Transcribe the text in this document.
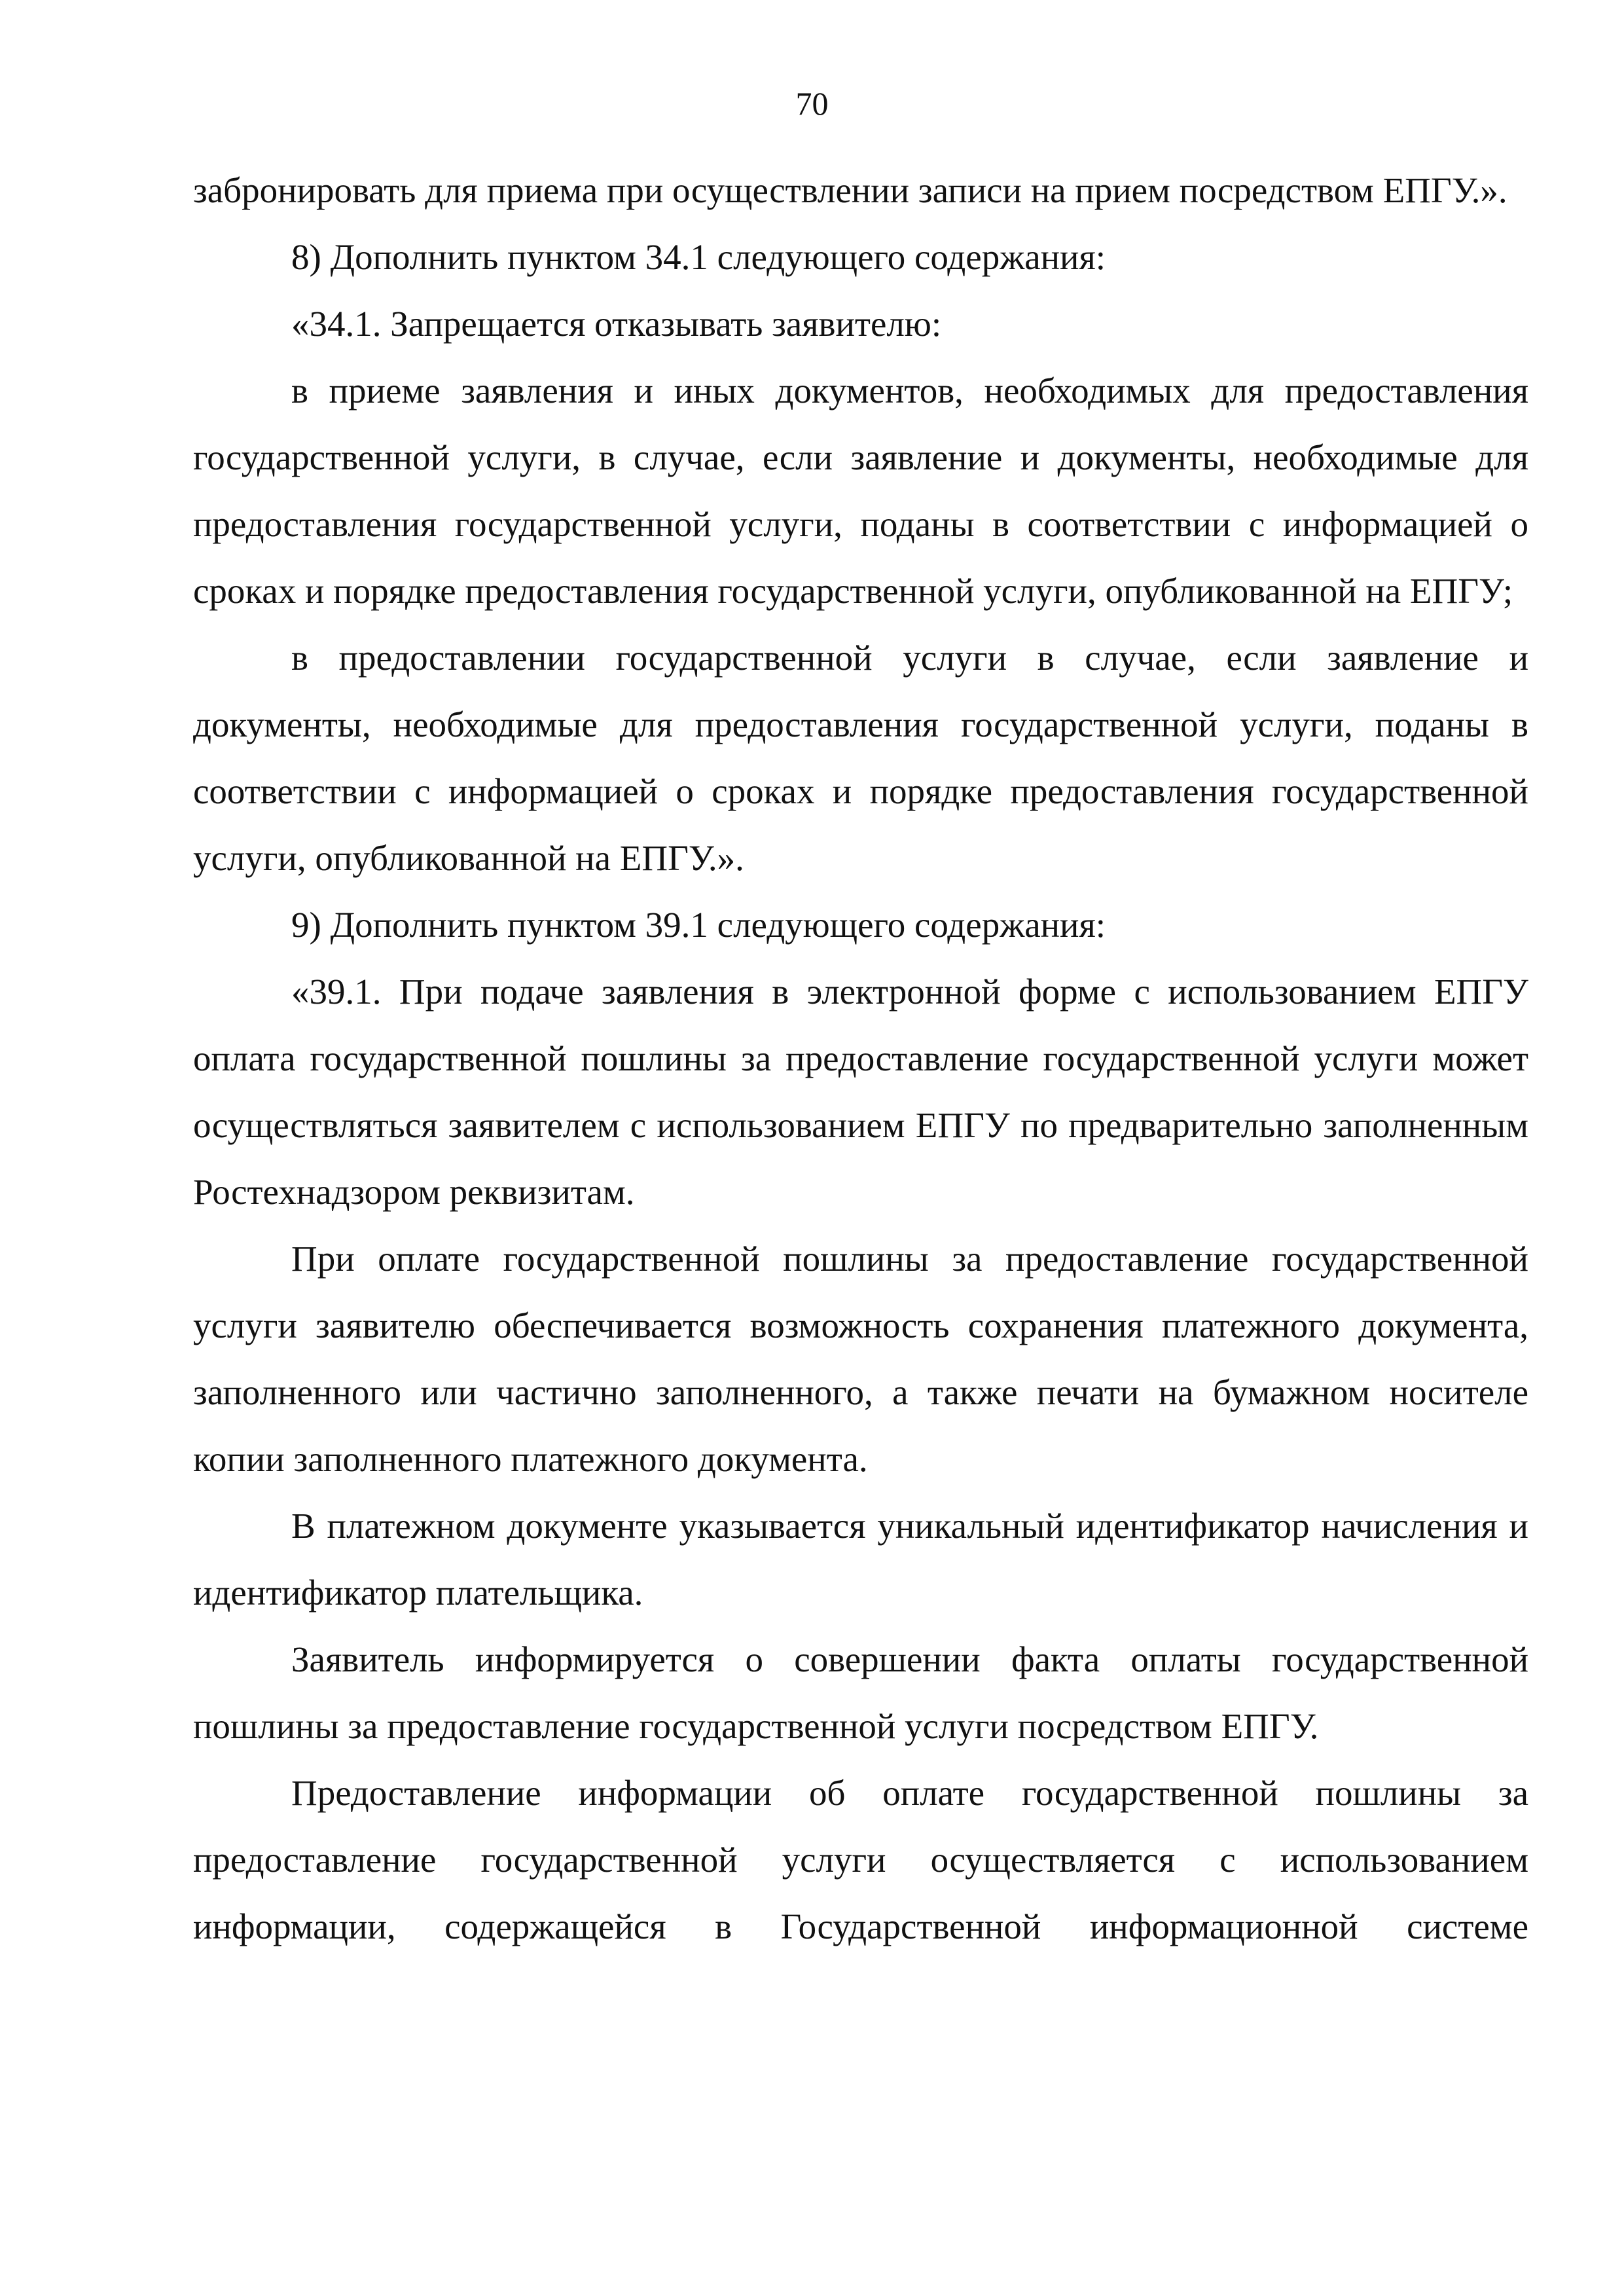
70

забронировать для приема при осуществлении записи на прием посредством ЕПГУ.».

8) Дополнить пунктом 34.1 следующего содержания:

«34.1. Запрещается отказывать заявителю:

в приеме заявления и иных документов, необходимых для предоставления государственной услуги, в случае, если заявление и документы, необходимые для предоставления государственной услуги, поданы в соответствии с информацией о сроках и порядке предоставления государственной услуги, опубликованной на ЕПГУ;

в предоставлении государственной услуги в случае, если заявление и документы, необходимые для предоставления государственной услуги, поданы в соответствии с информацией о сроках и порядке предоставления государственной услуги, опубликованной на ЕПГУ.».

9) Дополнить пунктом 39.1 следующего содержания:

«39.1. При подаче заявления в электронной форме с использованием ЕПГУ оплата государственной пошлины за предоставление государственной услуги может осуществляться заявителем с использованием ЕПГУ по предварительно заполненным Ростехнадзором реквизитам.

При оплате государственной пошлины за предоставление государственной услуги заявителю обеспечивается возможность сохранения платежного документа, заполненного или частично заполненного, а также печати на бумажном носителе копии заполненного платежного документа.

В платежном документе указывается уникальный идентификатор начисления и идентификатор плательщика.

Заявитель информируется о совершении факта оплаты государственной пошлины за предоставление государственной услуги посредством ЕПГУ.

Предоставление информации об оплате государственной пошлины за предоставление государственной услуги осуществляется с использованием информации, содержащейся в Государственной информационной системе
